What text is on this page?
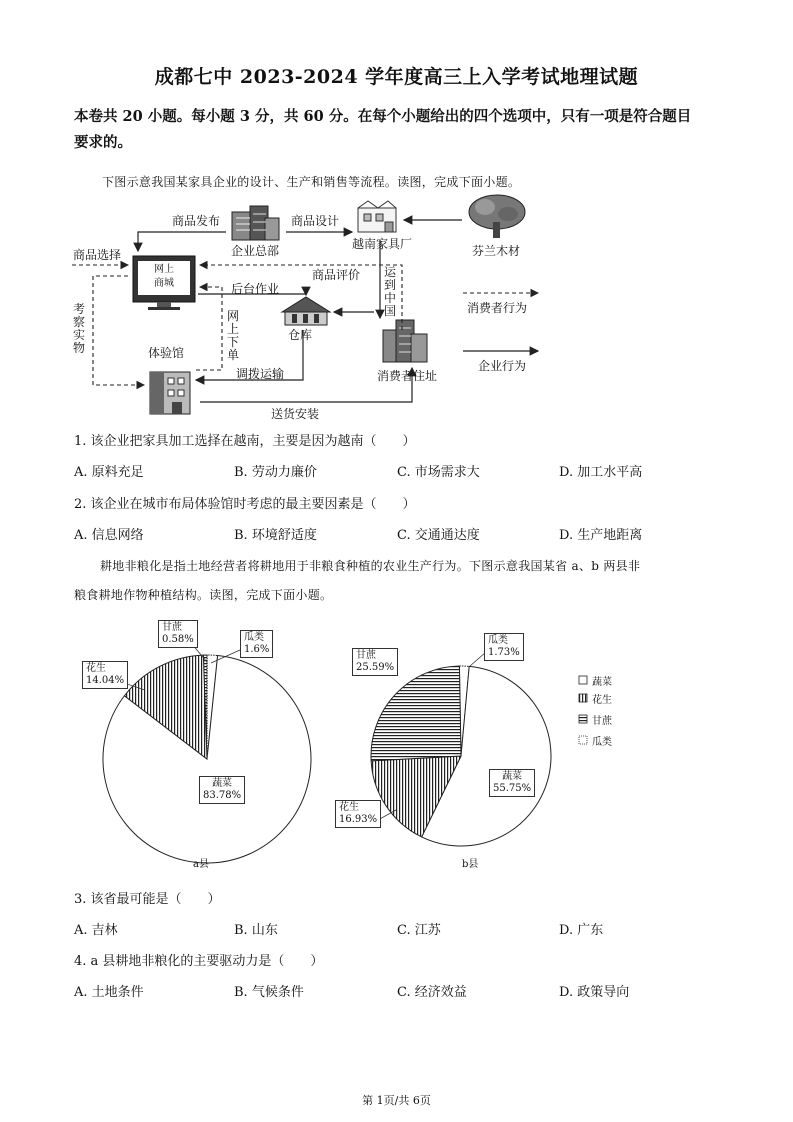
成都七中 2023-2024 学年度高三上入学考试地理试题
本卷共 20 小题。每小题 3 分，共 60 分。在每个小题给出的四个选项中，只有一项是符合题目
要求的。
下图示意我国某家具企业的设计、生产和销售等流程。读图，完成下面小题。
企业总部	越南家具厂	芬兰木材
网上
商城
仓库
消费者住址
体验馆
商品发布	商品设计
商品选择
商品评价
后台作业
调拨运输
送货安装
运
到
中
国
网
上
下
单
考
察
实
物
消费者行为
企业行为
1. 该企业把家具加工选择在越南，主要是因为越南（　　）
A. 原料充足	B. 劳动力廉价	C. 市场需求大	D. 加工水平高
2. 该企业在城市布局体验馆时考虑的最主要因素是（　　）
A. 信息网络	B. 环境舒适度	C. 交通通达度	D. 生产地距离
耕地非粮化是指土地经营者将耕地用于非粮食种植的农业生产行为。下图示意我国某省 a、b 两县非
粮食耕地作物种植结构。读图，完成下面小题。
甘蔗
0.58%	瓜类
1.6%
花生
14.04%
蔬菜
83.78%
a县
甘蔗
25.59%
瓜类
1.73%
花生
16.93%
蔬菜
55.75%
b县
蔬菜
花生
甘蔗
瓜类
3. 该省最可能是（　　）
A. 吉林	B. 山东	C. 江苏	D. 广东
4. a 县耕地非粮化的主要驱动力是（　　）
A. 土地条件	B. 气候条件	C. 经济效益	D. 政策导向
第 1页/共 6页
